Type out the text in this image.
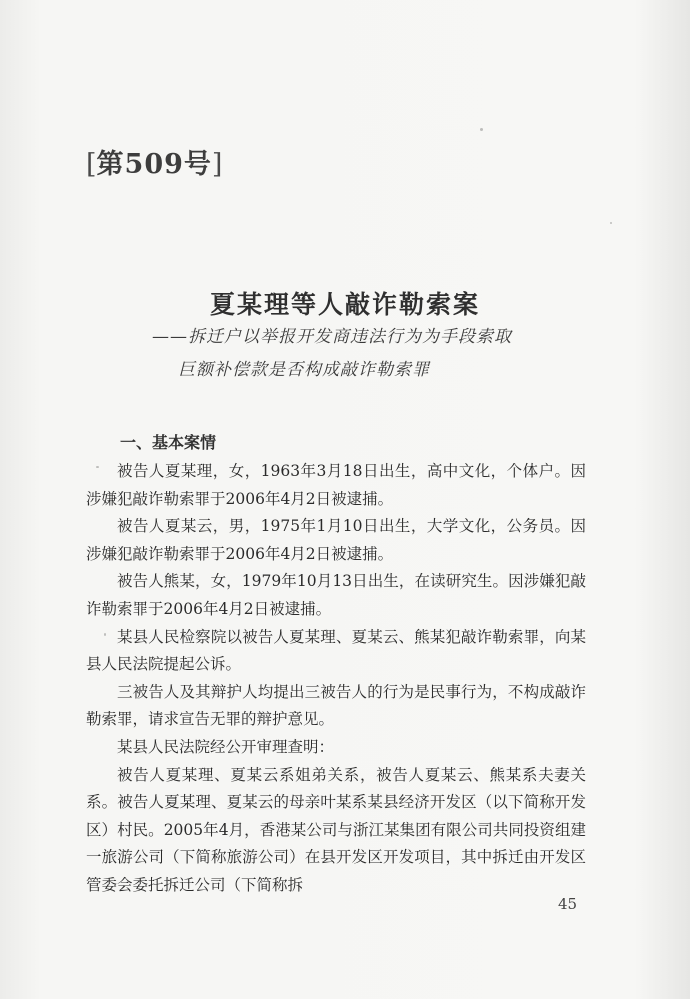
[第509号]
夏某理等人敲诈勒索案
——拆迁户以举报开发商违法行为为手段索取
巨额补偿款是否构成敲诈勒索罪
一、基本案情

被告人夏某理，女，1963年3月18日出生，高中文化，个体户。因涉嫌犯敲诈勒索罪于2006年4月2日被逮捕。

被告人夏某云，男，1975年1月10日出生，大学文化，公务员。因涉嫌犯敲诈勒索罪于2006年4月2日被逮捕。

被告人熊某，女，1979年10月13日出生，在读研究生。因涉嫌犯敲诈勒索罪于2006年4月2日被逮捕。

某县人民检察院以被告人夏某理、夏某云、熊某犯敲诈勒索罪，向某县人民法院提起公诉。

三被告人及其辩护人均提出三被告人的行为是民事行为，不构成敲诈勒索罪，请求宣告无罪的辩护意见。

某县人民法院经公开审理查明：

被告人夏某理、夏某云系姐弟关系，被告人夏某云、熊某系夫妻关系。被告人夏某理、夏某云的母亲叶某系某县经济开发区（以下简称开发区）村民。2005年4月，香港某公司与浙江某集团有限公司共同投资组建一旅游公司（下简称旅游公司）在县开发区开发项目，其中拆迁由开发区管委会委托拆迁公司（下简称拆

45
